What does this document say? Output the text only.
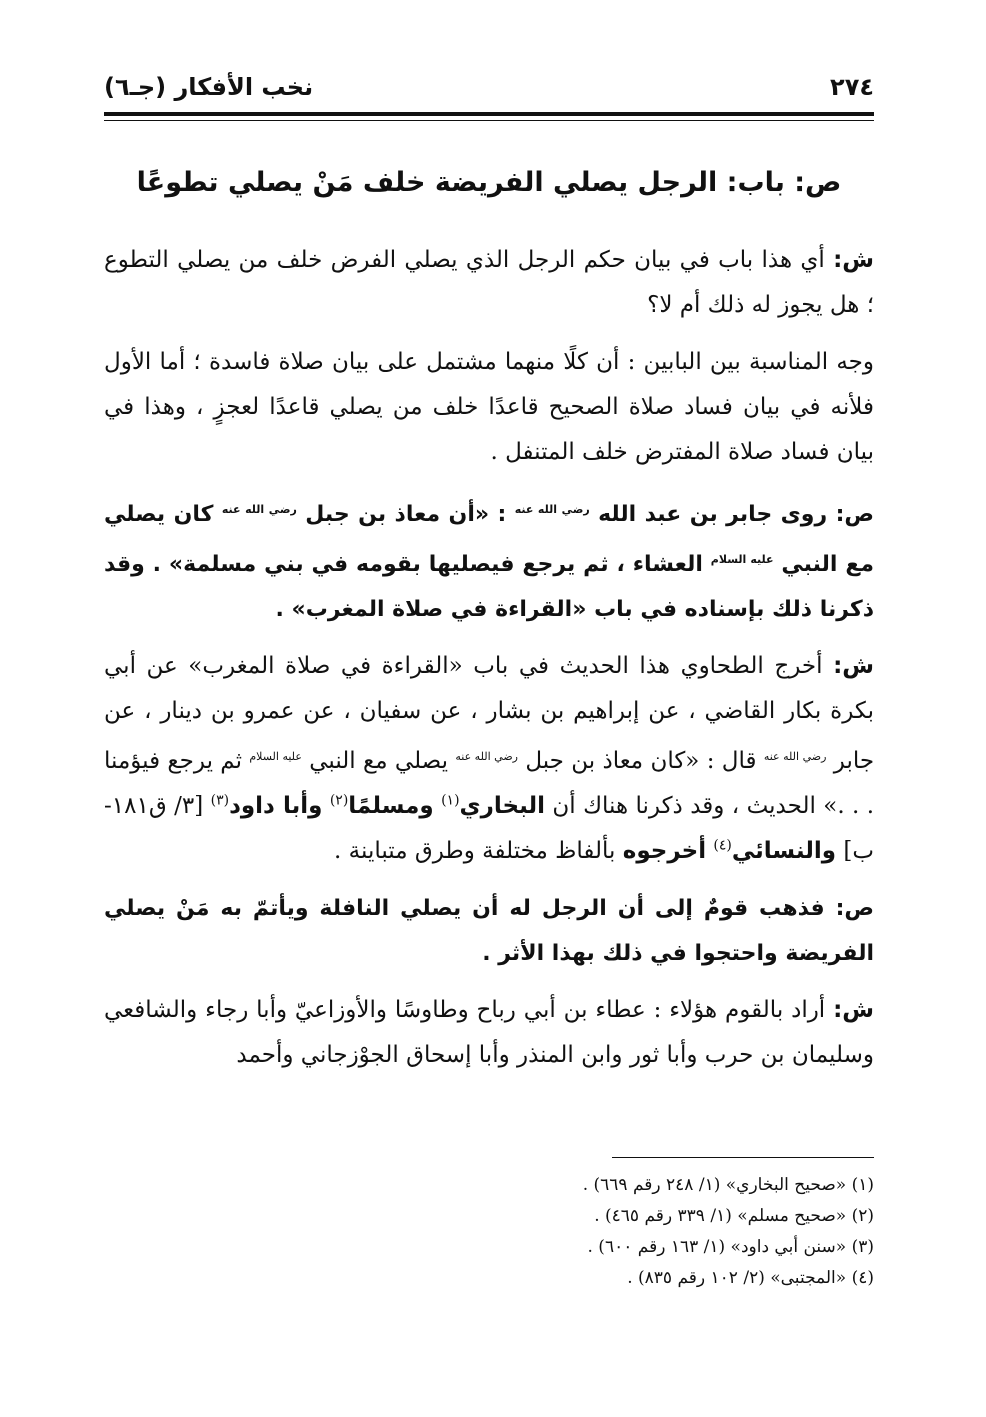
٢٧٤
نخب الأفكار (جـ٦)
ص: باب: الرجل يصلي الفريضة خلف مَنْ يصلي تطوعًا

ش: أي هذا باب في بيان حكم الرجل الذي يصلي الفرض خلف من يصلي التطوع ؛ هل يجوز له ذلك أم لا؟

وجه المناسبة بين البابين : أن كلًا منهما مشتمل على بيان صلاة فاسدة ؛ أما الأول فلأنه في بيان فساد صلاة الصحيح قاعدًا خلف من يصلي قاعدًا لعجزٍ ، وهذا في بيان فساد صلاة المفترض خلف المتنفل .

ص: روى جابر بن عبد الله $^{رضي الله عنه}$ : «أن معاذ بن جبل $^{رضي الله عنه}$ كان يصلي مع النبي $^{عليه السلام}$ العشاء ، ثم يرجع فيصليها بقومه في بني مسلمة» . وقد ذكرنا ذلك بإسناده في باب «القراءة في صلاة المغرب» .

ش: أخرج الطحاوي هذا الحديث في باب «القراءة في صلاة المغرب» عن أبي بكرة بكار القاضي ، عن إبراهيم بن بشار ، عن سفيان ، عن عمرو بن دينار ، عن جابر $^{رضي الله عنه}$ قال : «كان معاذ بن جبل $^{رضي الله عنه}$ يصلي مع النبي $^{عليه السلام}$ ثم يرجع فيؤمنا . . .» الحديث ، وقد ذكرنا هناك أن البخاري$^{(١)}$ ومسلمًا$^{(٢)}$ وأبا داود$^{(٣)}$ [٣/ ق١٨١-ب] والنسائي$^{(٤)}$ أخرجوه بألفاظ مختلفة وطرق متباينة .

ص: فذهب قومٌ إلى أن الرجل له أن يصلي النافلة ويأتمّ به مَنْ يصلي الفريضة واحتجوا في ذلك بهذا الأثر .

ش: أراد بالقوم هؤلاء : عطاء بن أبي رباح وطاوسًا والأوزاعيّ وأبا رجاء والشافعي وسليمان بن حرب وأبا ثور وابن المنذر وأبا إسحاق الجوْزجاني وأحمد

(١) «صحيح البخاري» (١/ ٢٤٨ رقم ٦٦٩) .
(٢) «صحيح مسلم» (١/ ٣٣٩ رقم ٤٦٥) .
(٣) «سنن أبي داود» (١/ ١٦٣ رقم ٦٠٠) .
(٤) «المجتبى» (٢/ ١٠٢ رقم ٨٣٥) .
